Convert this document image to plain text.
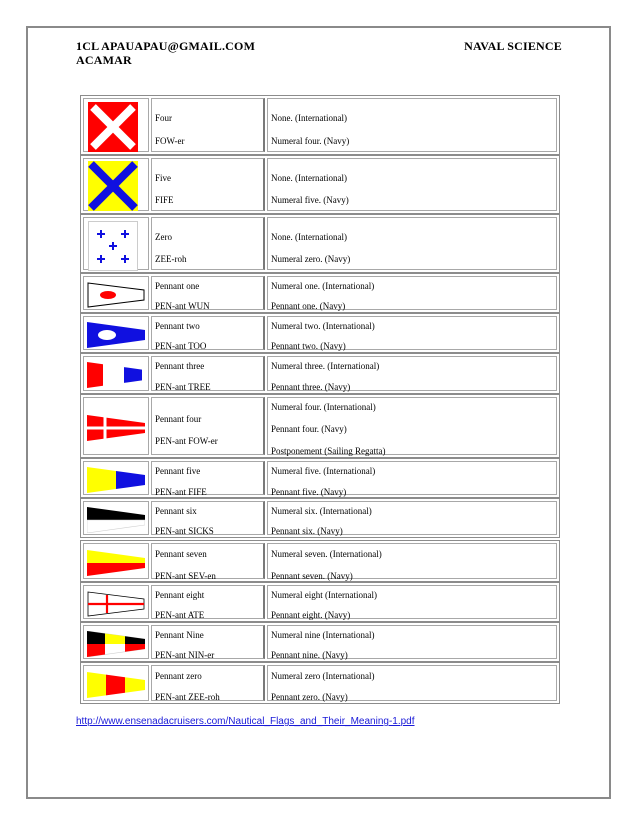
1CL APAUAPAU@GMAIL.COM
ACAMAR
NAVAL SCIENCE
Four
FOW-er
None. (International)
Numeral four. (Navy)
Five
FIFE
None. (International)
Numeral five. (Navy)
Zero
ZEE-roh
None. (International)
Numeral zero. (Navy)
Pennant one
PEN-ant WUN
Numeral one. (International)
Pennant one. (Navy)
Pennant two
PEN-ant TOO
Numeral two. (International)
Pennant two. (Navy)
Pennant three
PEN-ant TREE
Numeral three. (International)
Pennant three. (Navy)
Pennant four
PEN-ant FOW-er
Numeral four. (International)
Pennant four. (Navy)
Postponement (Sailing Regatta)
Pennant five
PEN-ant FIFE
Numeral five. (International)
Pennant five. (Navy)
Pennant six
PEN-ant SICKS
Numeral six. (International)
Pennant six. (Navy)
Pennant seven
PEN-ant SEV-en
Numeral seven. (International)
Pennant seven. (Navy)
Pennant eight
PEN-ant ATE
Numeral eight (International)
Pennant eight. (Navy)
Pennant Nine
PEN-ant NIN-er
Numeral nine (International)
Pennant nine. (Navy)
Pennant zero
PEN-ant ZEE-roh
Numeral zero (International)
Pennant zero. (Navy)
http://www.ensenadacruisers.com/Nautical_Flags_and_Their_Meaning-1.pdf
